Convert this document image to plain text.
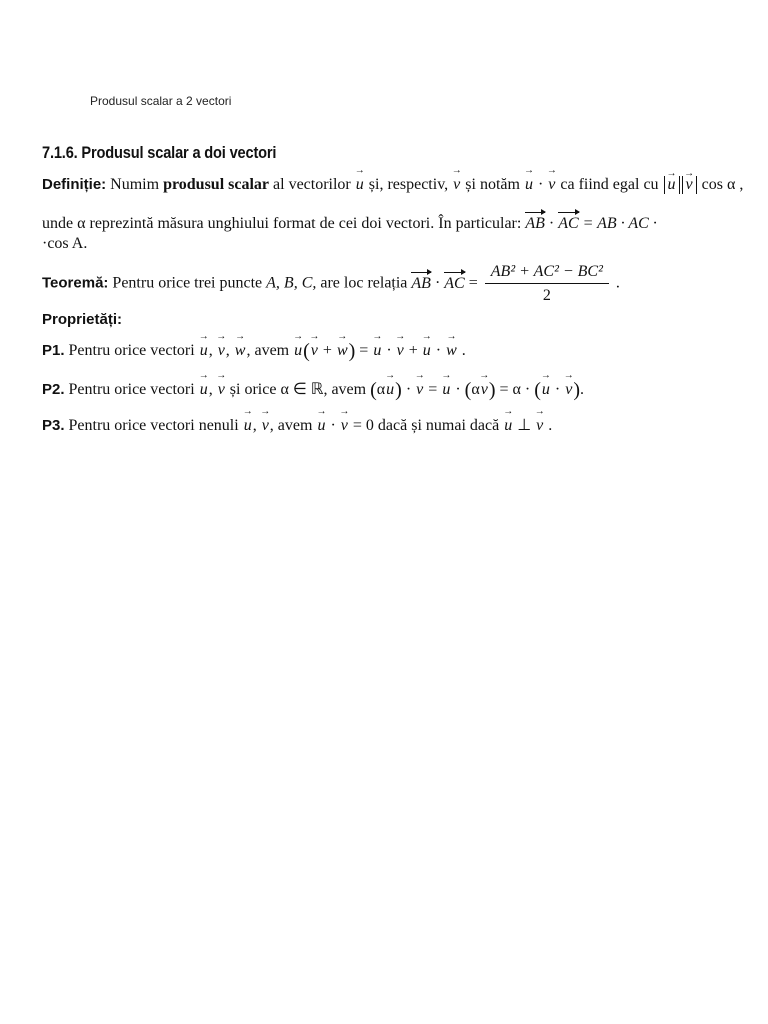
Produsul scalar a 2 vectori
7.1.6. Produsul scalar a doi vectori
Definiție: Numim produsul scalar al vectorilor → u și, respectiv, → v și notăm → u · → v ca fiind egal cu → u → v cos α ,
unde α reprezintă măsura unghiului format de cei doi vectori. În particular: AB · AC = AB · AC ·
·cos A.
Teoremă: Pentru orice trei puncte A, B, C, are loc relația AB · AC = $\frac{\text{AB² + AC² − BC²}}{2}$ .
Proprietăți:
P1. Pentru orice vectori → u, → v, → w, avem → u(→ v + → w) = → u · → v + → u · → w .
P2. Pentru orice vectori → u, → v și orice α ∈ ℝ, avem (α→ u) · → v = → u · (α→ v) = α · (→ u · → v).
P3. Pentru orice vectori nenuli → u, → v, avem → u · → v = 0 dacă și numai dacă → u ⊥ → v .
